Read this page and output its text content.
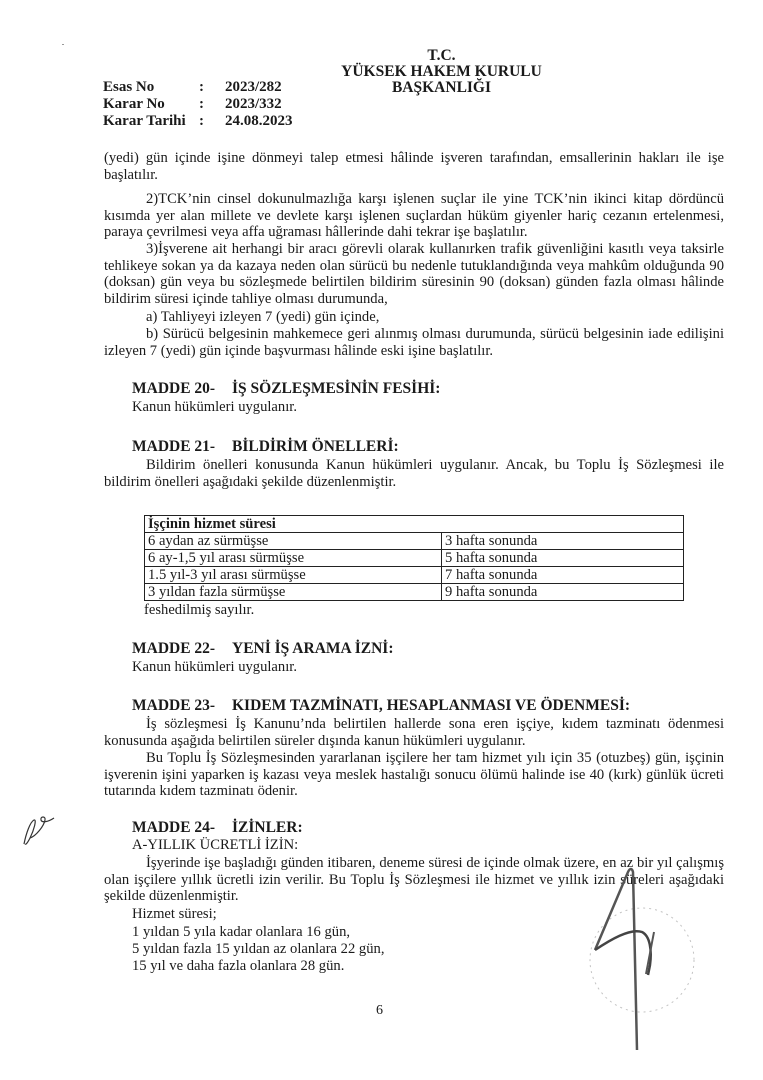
T.C.
YÜKSEK HAKEM KURULU
BAŞKANLIĞI
Esas No	:	2023/282
Karar No	:	2023/332
Karar Tarihi :	24.08.2023

(yedi) gün içinde işine dönmeyi talep etmesi hâlinde işveren tarafından, emsallerinin hakları ile işe başlatılır.

2)TCK’nin cinsel dokunulmazlığa karşı işlenen suçlar ile yine TCK’nin ikinci kitap dördüncü kısımda yer alan millete ve devlete karşı işlenen suçlardan hüküm giyenler hariç cezanın ertelenmesi, paraya çevrilmesi veya affa uğraması hâllerinde dahi tekrar işe başlatılır.

3)İşverene ait herhangi bir aracı görevli olarak kullanırken trafik güvenliğini kasıtlı veya taksirle tehlikeye sokan ya da kazaya neden olan sürücü bu nedenle tutuklandığında veya mahkûm olduğunda 90 (doksan) gün veya bu sözleşmede belirtilen bildirim süresinin 90 (doksan) günden fazla olması hâlinde bildirim süresi içinde tahliye olması durumunda,

a) Tahliyeyi izleyen 7 (yedi) gün içinde,

b) Sürücü belgesinin mahkemece geri alınmış olması durumunda, sürücü belgesinin iade edilişini izleyen 7 (yedi) gün içinde başvurması hâlinde eski işine başlatılır.

MADDE 20- İŞ SÖZLEŞMESİNİN FESİHİ:
Kanun hükümleri uygulanır.
MADDE 21- BİLDİRİM ÖNELLERİ:

Bildirim önelleri konusunda Kanun hükümleri uygulanır. Ancak, bu Toplu İş Sözleşmesi ile bildirim önelleri aşağıdaki şekilde düzenlenmiştir.

İşçinin hizmet süresi	
6 aydan az sürmüşse	3 hafta sonunda
6 ay-1,5 yıl arası sürmüşse	5 hafta sonunda
1.5 yıl-3 yıl arası sürmüşse	7 hafta sonunda
3 yıldan fazla sürmüşse	9 hafta sonunda
feshedilmiş sayılır.
MADDE 22- YENİ İŞ ARAMA İZNİ:
Kanun hükümleri uygulanır.
MADDE 23- KIDEM TAZMİNATI, HESAPLANMASI VE ÖDENMESİ:

İş sözleşmesi İş Kanunu’nda belirtilen hallerde sona eren işçiye, kıdem tazminatı ödenmesi konusunda aşağıda belirtilen süreler dışında kanun hükümleri uygulanır.

Bu Toplu İş Sözleşmesinden yararlanan işçilere her tam hizmet yılı için 35 (otuzbeş) gün, işçinin işverenin işini yaparken iş kazası veya meslek hastalığı sonucu ölümü halinde ise 40 (kırk) günlük ücreti tutarında kıdem tazminatı ödenir.

MADDE 24- İZİNLER:
A-YILLIK ÜCRETLİ İZİN:

İşyerinde işe başladığı günden itibaren, deneme süresi de içinde olmak üzere, en az bir yıl çalışmış olan işçilere yıllık ücretli izin verilir. Bu Toplu İş Sözleşmesi ile hizmet ve yıllık izin süreleri aşağıdaki şekilde düzenlenmiştir.

Hizmet süresi;
1 yıldan 5 yıla kadar olanlara 16 gün,
5 yıldan fazla 15 yıldan az olanlara 22 gün,
15 yıl ve daha fazla olanlara 28 gün.
6
